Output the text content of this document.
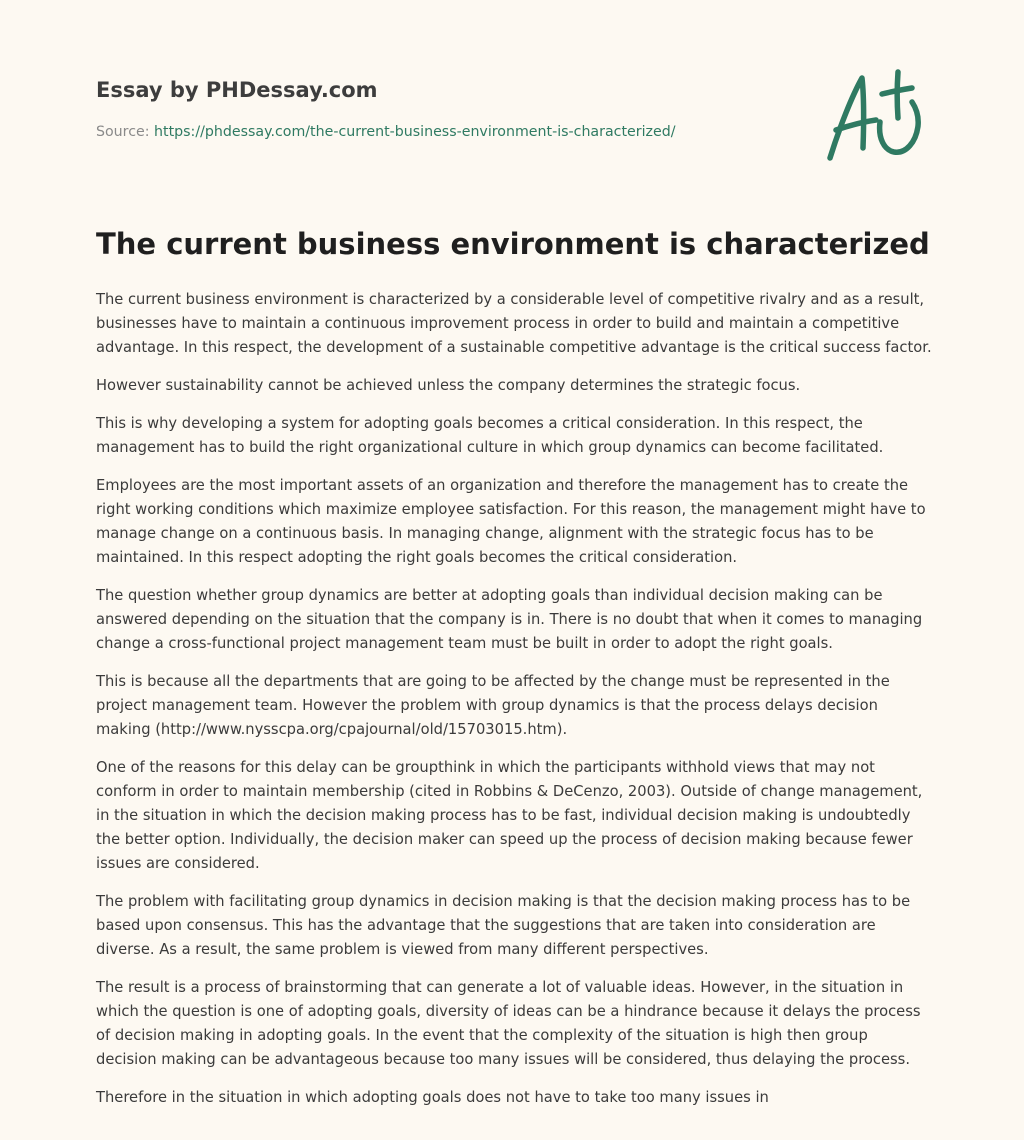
Essay by PHDessay.com
Source: https://phdessay.com/the-current-business-environment-is-characterized/
The current business environment is characterized

The current business environment is characterized by a considerable level of competitive rivalry and as a result, businesses have to maintain a continuous improvement process in order to build and maintain a competitive advantage. In this respect, the development of a sustainable competitive advantage is the critical success factor.

However sustainability cannot be achieved unless the company determines the strategic focus.

This is why developing a system for adopting goals becomes a critical consideration. In this respect, the management has to build the right organizational culture in which group dynamics can become facilitated.

Employees are the most important assets of an organization and therefore the management has to create the right working conditions which maximize employee satisfaction. For this reason, the management might have to manage change on a continuous basis. In managing change, alignment with the strategic focus has to be maintained. In this respect adopting the right goals becomes the critical consideration.

The question whether group dynamics are better at adopting goals than individual decision making can be answered depending on the situation that the company is in. There is no doubt that when it comes to managing change a cross-functional project management team must be built in order to adopt the right goals.

This is because all the departments that are going to be affected by the change must be represented in the project management team. However the problem with group dynamics is that the process delays decision making (http://www.nysscpa.org/cpajournal/old/15703015.htm).

One of the reasons for this delay can be groupthink in which the participants withhold views that may not conform in order to maintain membership (cited in Robbins & DeCenzo, 2003). Outside of change management, in the situation in which the decision making process has to be fast, individual decision making is undoubtedly the better option. Individually, the decision maker can speed up the process of decision making because fewer issues are considered.

The problem with facilitating group dynamics in decision making is that the decision making process has to be based upon consensus. This has the advantage that the suggestions that are taken into consideration are diverse. As a result, the same problem is viewed from many different perspectives.

The result is a process of brainstorming that can generate a lot of valuable ideas. However, in the situation in which the question is one of adopting goals, diversity of ideas can be a hindrance because it delays the process of decision making in adopting goals. In the event that the complexity of the situation is high then group decision making can be advantageous because too many issues will be considered, thus delaying the process.

Therefore in the situation in which adopting goals does not have to take too many issues in
